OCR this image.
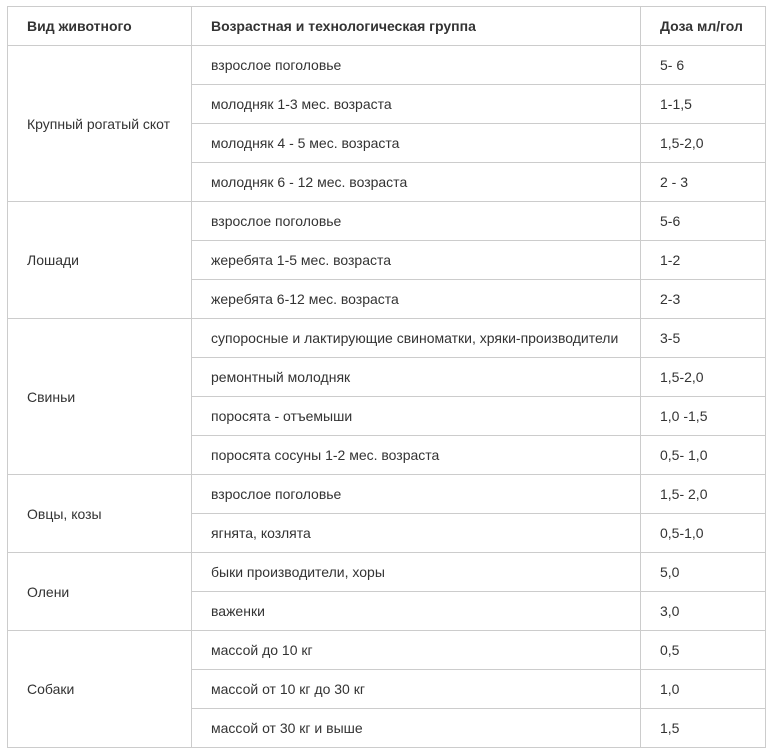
Вид животного	Возрастная и технологическая группа	Доза мл/гол
Крупный рогатый скот	взрослое поголовье	5- 6
	молодняк 1-3 мес. возраста	1-1,5
	молодняк 4 - 5 мес. возраста	1,5-2,0
	молодняк 6 - 12 мес. возраста	2 - 3
Лошади	взрослое поголовье	5-6
	жеребята 1-5 мес. возраста	1-2
	жеребята 6-12 мес. возраста	2-3
Свиньи	супоросные и лактирующие свиноматки, хряки-производители	3-5
	ремонтный молодняк	1,5-2,0
	поросята - отъемыши	1,0 -1,5
	поросята сосуны 1-2 мес. возраста	0,5- 1,0
Овцы, козы	взрослое поголовье	1,5- 2,0
	ягнята, козлята	0,5-1,0
Олени	быки производители, хоры	5,0
	важенки	3,0
Собаки	массой до 10 кг	0,5
	массой от 10 кг до 30 кг	1,0
	массой от 30 кг и выше	1,5
